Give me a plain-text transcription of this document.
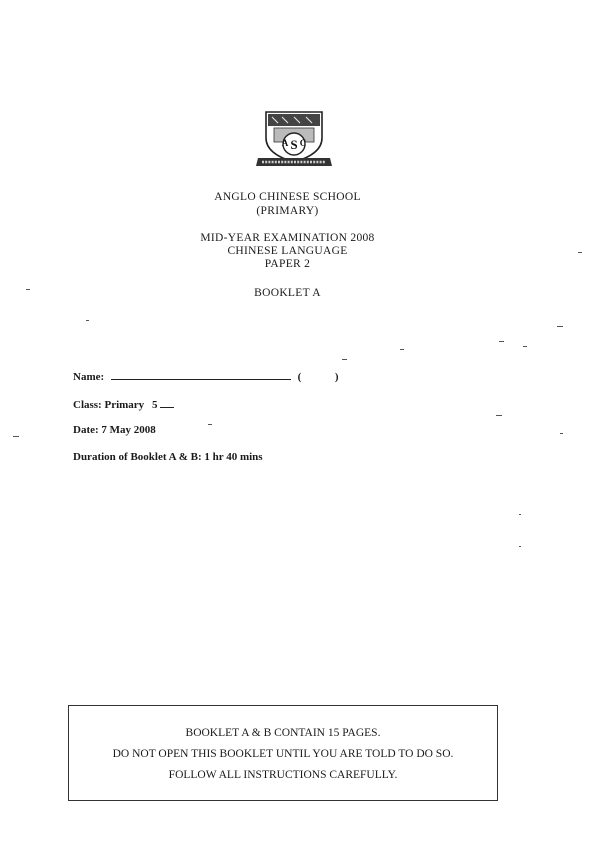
S
A C
ANGLO CHINESE SCHOOL
(PRIMARY)
MID-YEAR EXAMINATION 2008
CHINESE LANGUAGE
PAPER 2
BOOKLET A
Name:	(	)
Class: Primary 5
Date: 7 May 2008
Duration of Booklet A & B: 1 hr 40 mins
BOOKLET A & B CONTAIN 15 PAGES.
DO NOT OPEN THIS BOOKLET UNTIL YOU ARE TOLD TO DO SO.
FOLLOW ALL INSTRUCTIONS CAREFULLY.
